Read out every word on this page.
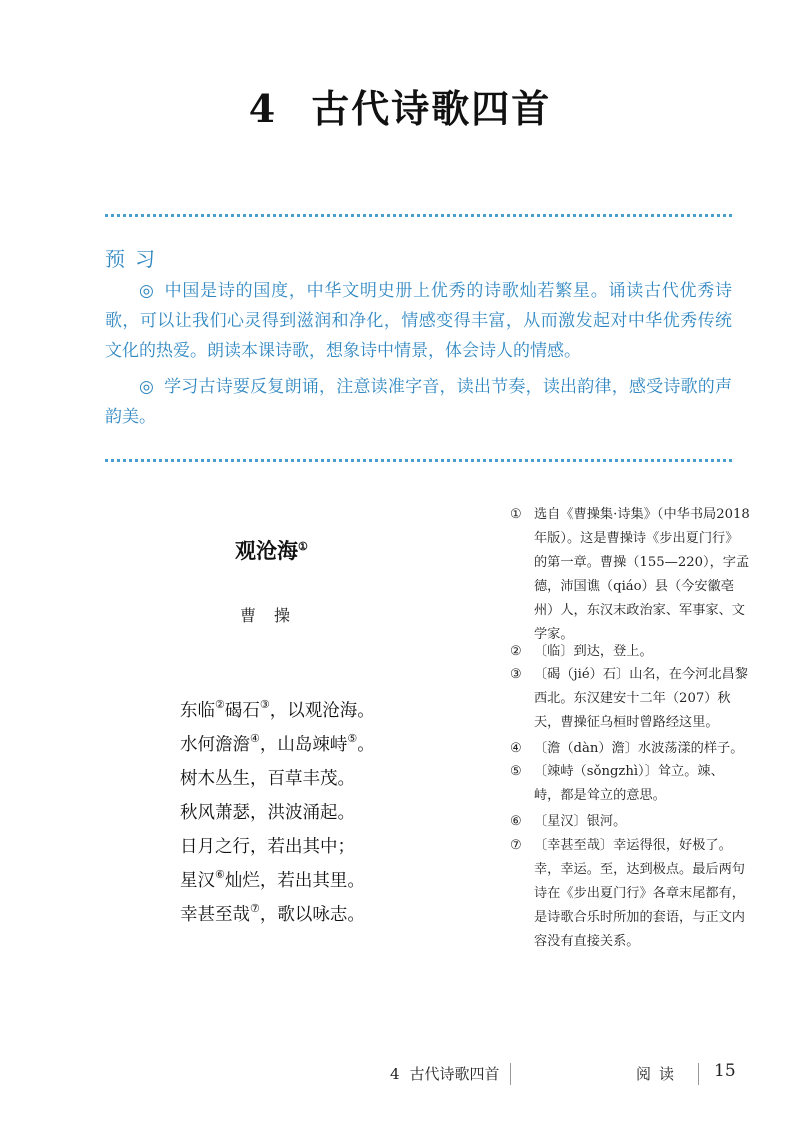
4 古代诗歌四首
预习
◎ 中国是诗的国度，中华文明史册上优秀的诗歌灿若繁星。诵读古代优秀诗歌，可以让我们心灵得到滋润和净化，情感变得丰富，从而激发起对中华优秀传统文化的热爱。朗读本课诗歌，想象诗中情景，体会诗人的情感。
◎ 学习古诗要反复朗诵，注意读准字音，读出节奏，读出韵律，感受诗歌的声韵美。
观沧海①
曹操
东临②碣石③，以观沧海。
水何澹澹④，山岛竦峙⑤。
树木丛生，百草丰茂。
秋风萧瑟，洪波涌起。
日月之行，若出其中；
星汉⑥灿烂，若出其里。
幸甚至哉⑦，歌以咏志。
① 选自《曹操集·诗集》（中华书局2018年版）。这是曹操诗《步出夏门行》的第一章。曹操（155—220），字孟德，沛国谯（qiáo）县（今安徽亳州）人，东汉末政治家、军事家、文学家。
② 〔临〕到达，登上。
③ 〔碣（jié）石〕山名，在今河北昌黎西北。东汉建安十二年（207）秋天，曹操征乌桓时曾路经这里。
④ 〔澹（dàn）澹〕水波荡漾的样子。
⑤ 〔竦峙（sǒngzhì）〕耸立。竦、峙，都是耸立的意思。
⑥ 〔星汉〕银河。
⑦ 〔幸甚至哉〕幸运得很，好极了。幸，幸运。至，达到极点。最后两句诗在《步出夏门行》各章末尾都有，是诗歌合乐时所加的套语，与正文内容没有直接关系。
4 古代诗歌四首	阅读 15
